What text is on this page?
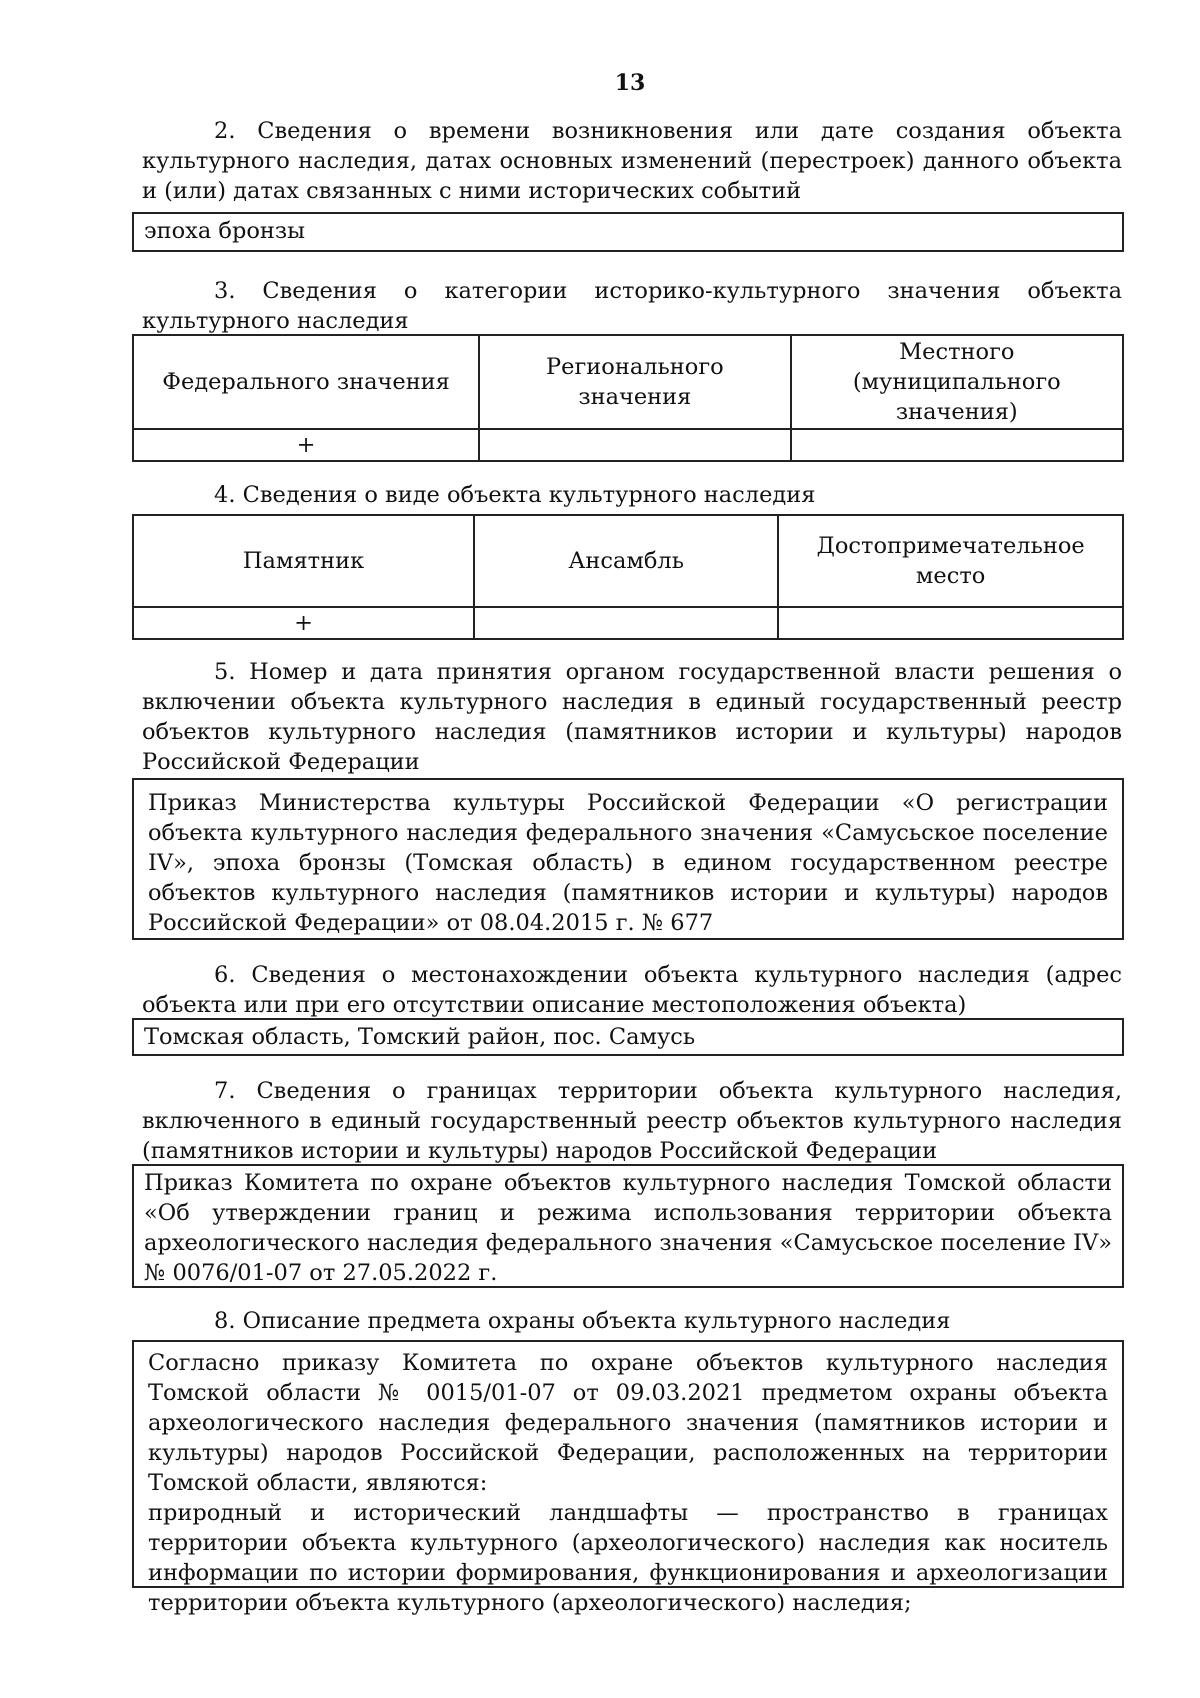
13
2. Сведения о времени возникновения или дате создания объекта культурного наследия, датах основных изменений (перестроек) данного объекта и (или) датах связанных с ними исторических событий
эпоха бронзы
3. Сведения о категории историко-культурного значения объекта культурного наследия
Федерального значения	Регионального значения	Местного (муниципального значения)
+		
4. Сведения о виде объекта культурного наследия
Памятник	Ансамбль	Достопримечательное место
+		
5. Номер и дата принятия органом государственной власти решения о включении объекта культурного наследия в единый государственный реестр объектов культурного наследия (памятников истории и культуры) народов Российской Федерации
Приказ Министерства культуры Российской Федерации «О регистрации объекта культурного наследия федерального значения «Самусьское поселение IV», эпоха бронзы (Томская область) в едином государственном реестре объектов культурного наследия (памятников истории и культуры) народов Российской Федерации» от 08.04.2015 г. № 677
6. Сведения о местонахождении объекта культурного наследия (адрес объекта или при его отсутствии описание местоположения объекта)
Томская область, Томский район, пос. Самусь
7. Сведения о границах территории объекта культурного наследия, включенного в единый государственный реестр объектов культурного наследия (памятников истории и культуры) народов Российской Федерации
Приказ Комитета по охране объектов культурного наследия Томской области «Об утверждении границ и режима использования территории объекта археологического наследия федерального значения «Самусьское поселение IV» № 0076/01-07 от 27.05.2022 г.
8. Описание предмета охраны объекта культурного наследия
Согласно приказу Комитета по охране объектов культурного наследия Томской области № 0015/01-07 от 09.03.2021 предметом охраны объекта археологического наследия федерального значения (памятников истории и культуры) народов Российской Федерации, расположенных на территории Томской области, являются:
природный и исторический ландшафты — пространство в границах территории объекта культурного (археологического) наследия как носитель информации по истории формирования, функционирования и археологизации территории объекта культурного (археологического) наследия;
